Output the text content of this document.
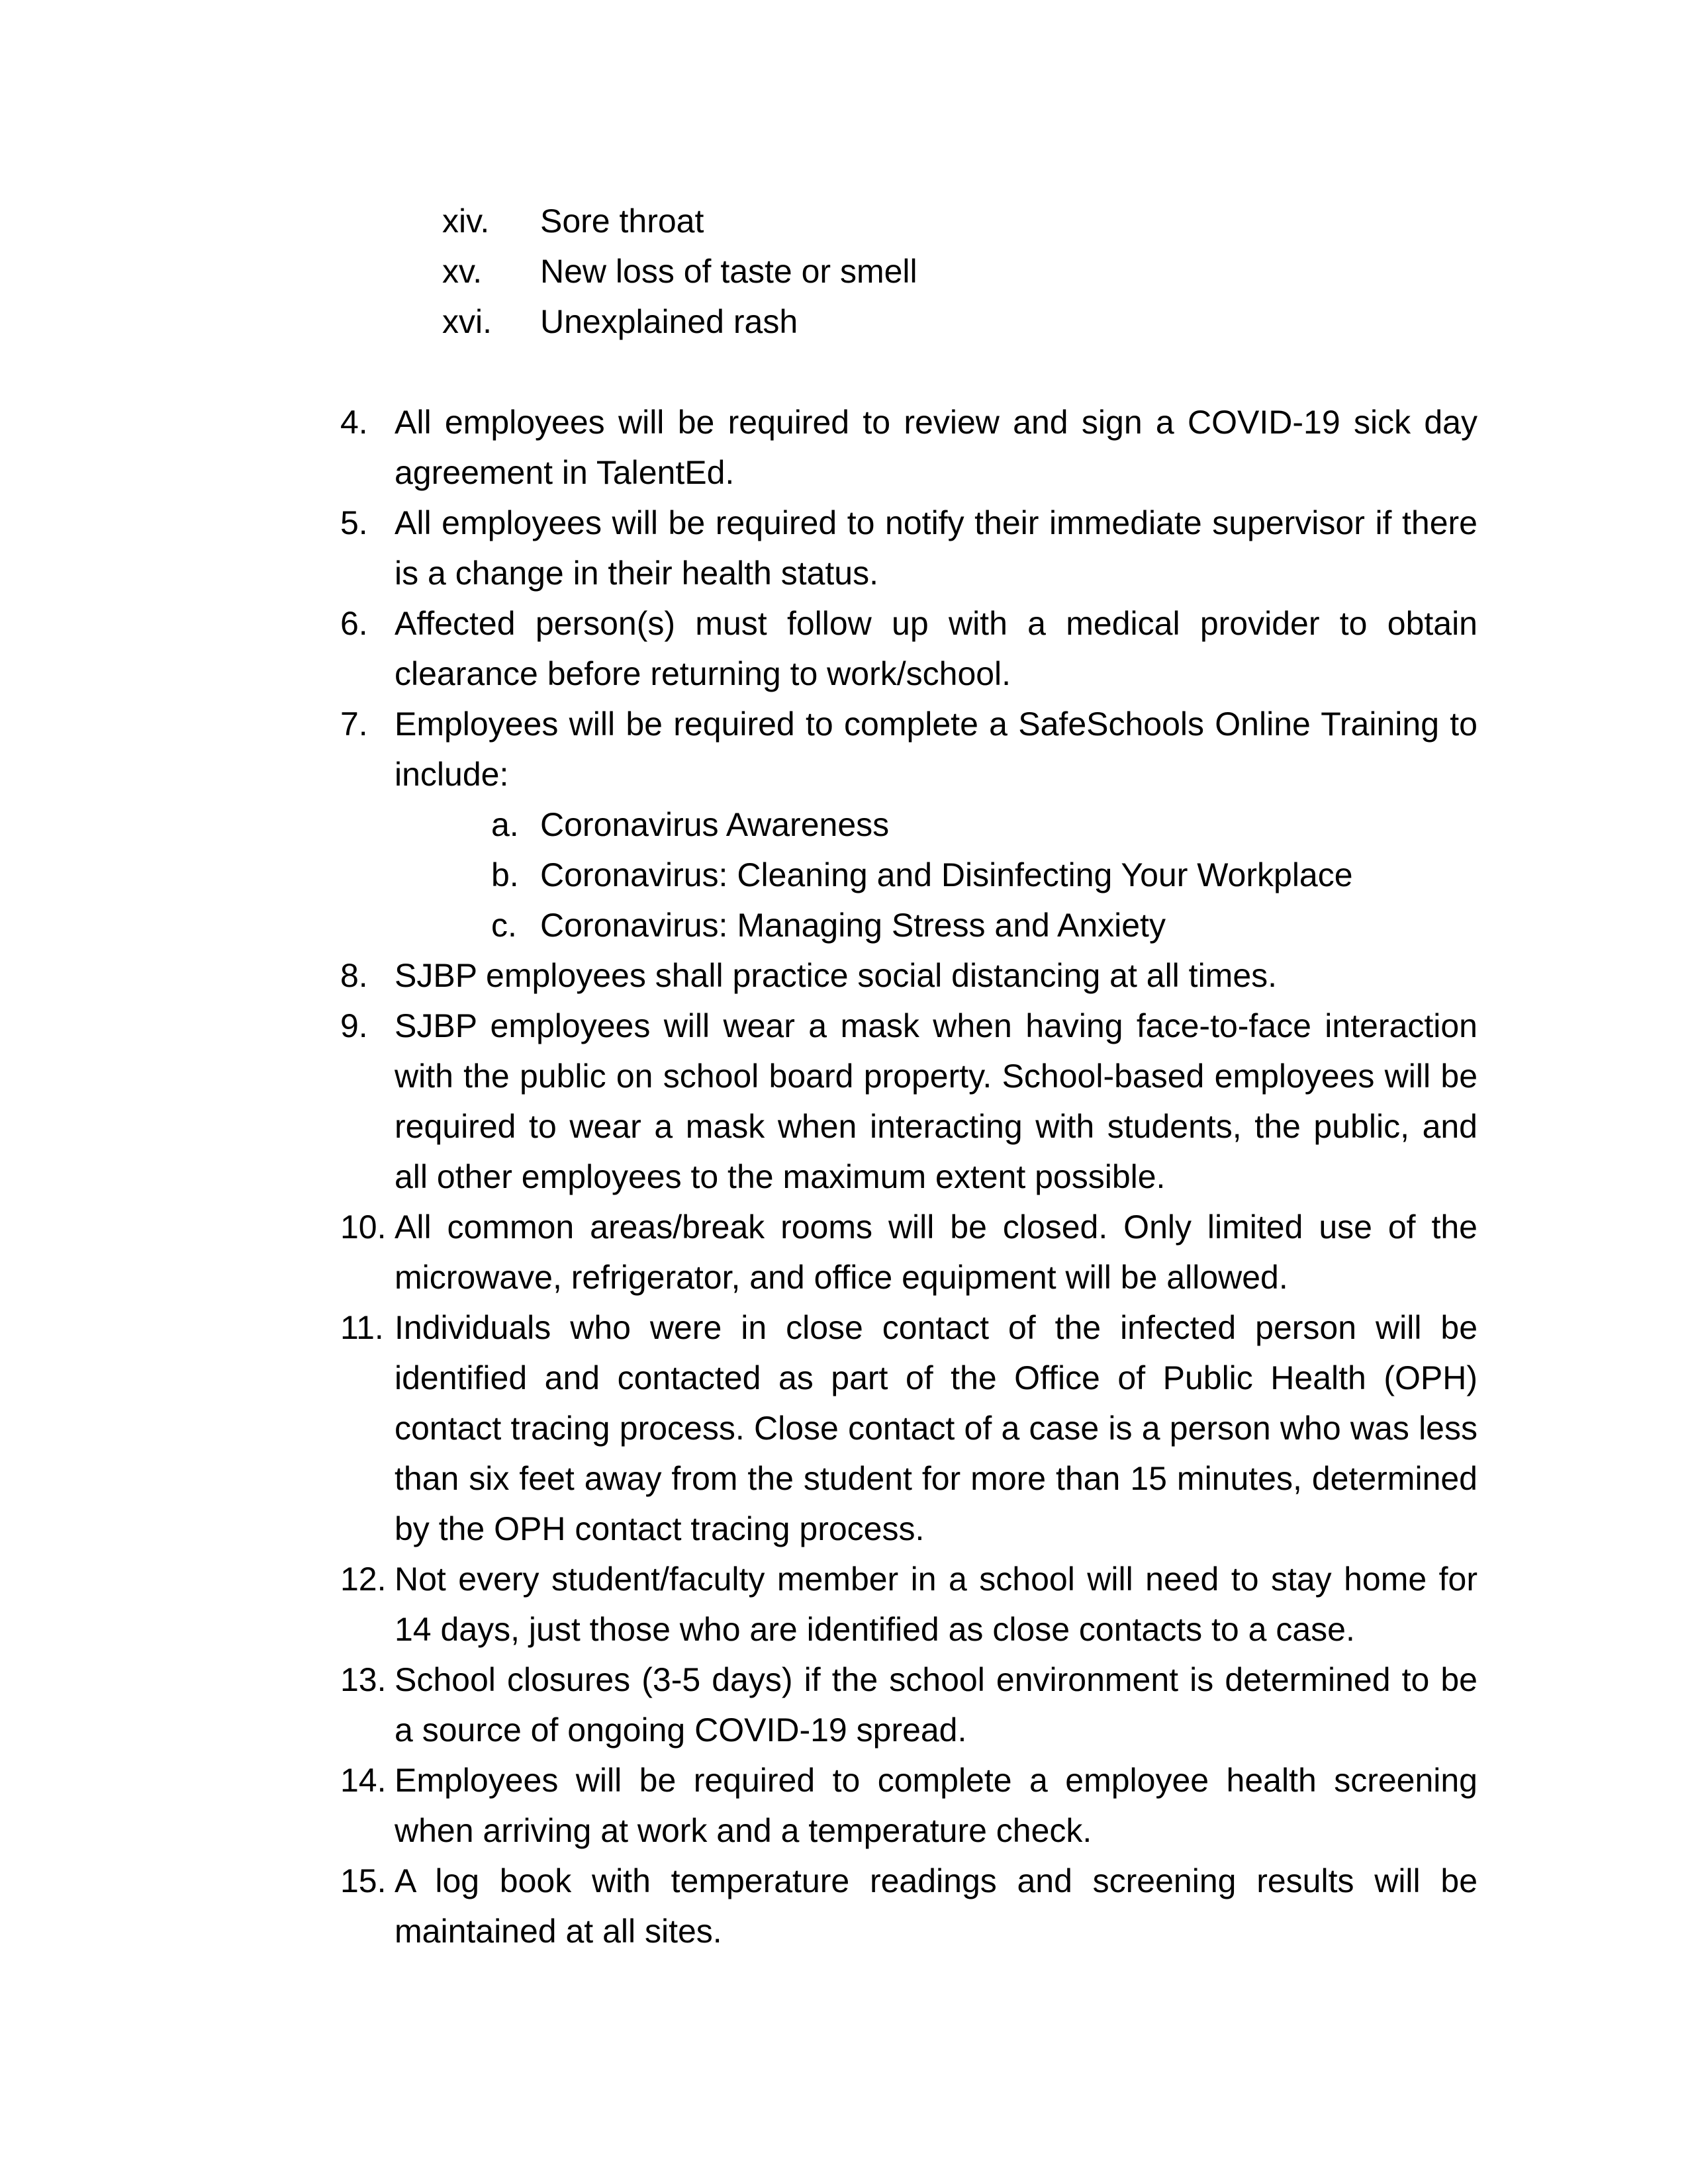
xiv.	Sore throat
xv.	New loss of taste or smell
xvi.	Unexplained rash
4. All employees will be required to review and sign a COVID-19 sick day agreement in TalentEd.
5. All employees will be required to notify their immediate supervisor if there is a change in their health status.
6. Affected person(s) must follow up with a medical provider to obtain clearance before returning to work/school.
7. Employees will be required to complete a SafeSchools Online Training to include:
a. Coronavirus Awareness
b. Coronavirus: Cleaning and Disinfecting Your Workplace
c. Coronavirus: Managing Stress and Anxiety
8. SJBP employees shall practice social distancing at all times.
9. SJBP employees will wear a mask when having face-to-face interaction with the public on school board property. School-based employees will be required to wear a mask when interacting with students, the public, and all other employees to the maximum extent possible.
10. All common areas/break rooms will be closed. Only limited use of the microwave, refrigerator, and office equipment will be allowed.
11. Individuals who were in close contact of the infected person will be identified and contacted as part of the Office of Public Health (OPH) contact tracing process. Close contact of a case is a person who was less than six feet away from the student for more than 15 minutes, determined by the OPH contact tracing process.
12. Not every student/faculty member in a school will need to stay home for 14 days, just those who are identified as close contacts to a case.
13. School closures (3-5 days) if the school environment is determined to be a source of ongoing COVID-19 spread.
14. Employees will be required to complete a employee health screening when arriving at work and a temperature check.
15. A log book with temperature readings and screening results will be maintained at all sites.
